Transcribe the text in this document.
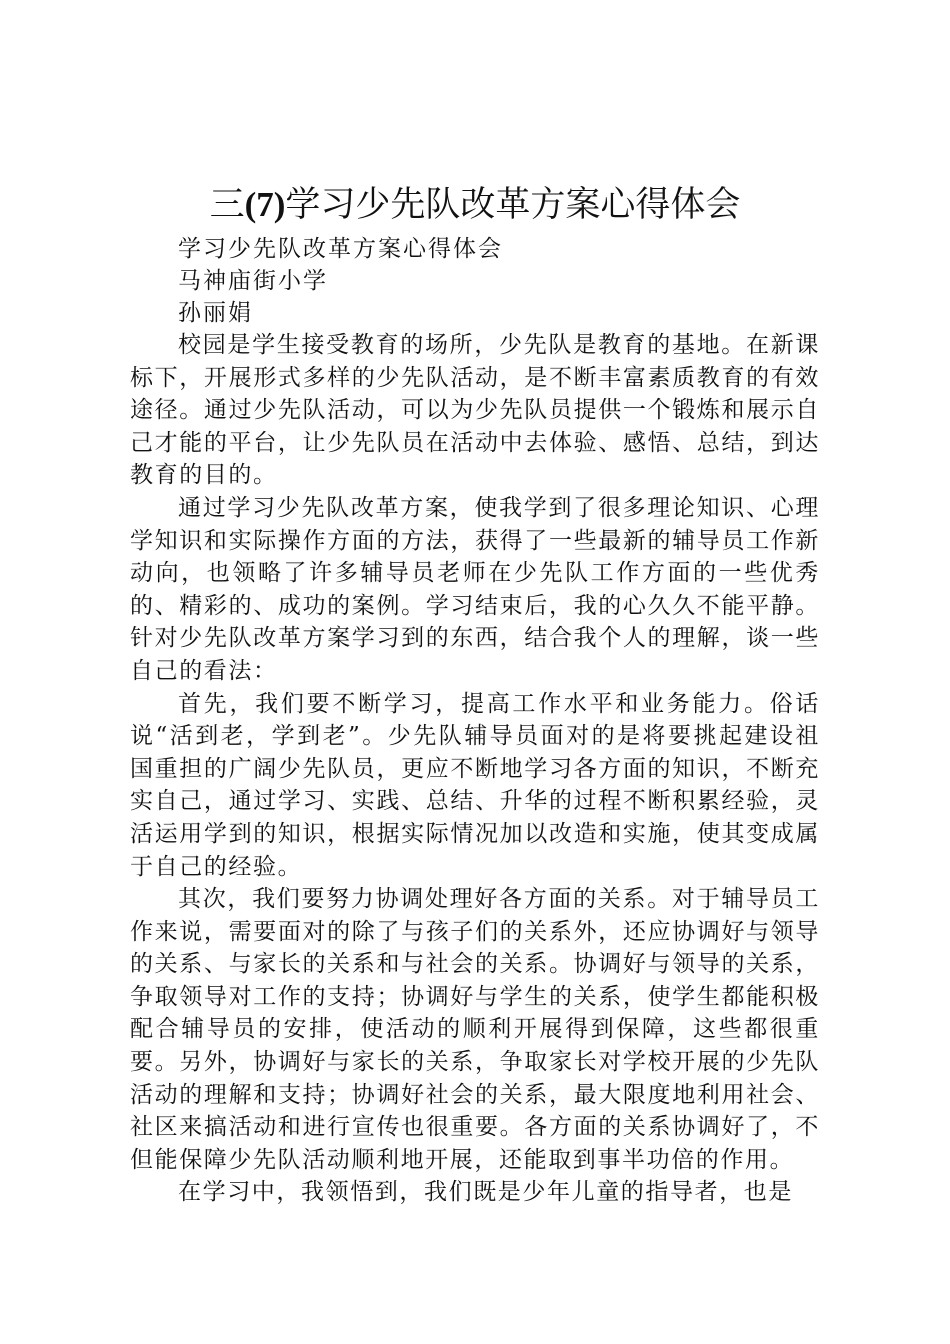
三(7)学习少先队改革方案心得体会

学习少先队改革方案心得体会

马神庙街小学

孙丽娟

校园是学生接受教育的场所，少先队是教育的基地。在新课标下，开展形式多样的少先队活动，是不断丰富素质教育的有效途径。通过少先队活动，可以为少先队员提供一个锻炼和展示自己才能的平台，让少先队员在活动中去体验、感悟、总结，到达教育的目的。

通过学习少先队改革方案，使我学到了很多理论知识、心理学知识和实际操作方面的方法，获得了一些最新的辅导员工作新动向，也领略了许多辅导员老师在少先队工作方面的一些优秀的、精彩的、成功的案例。学习结束后，我的心久久不能平静。针对少先队改革方案学习到的东西，结合我个人的理解，谈一些自己的看法：

首先，我们要不断学习，提高工作水平和业务能力。俗话说“活到老，学到老”。少先队辅导员面对的是将要挑起建设祖国重担的广阔少先队员，更应不断地学习各方面的知识，不断充实自己，通过学习、实践、总结、升华的过程不断积累经验，灵活运用学到的知识，根据实际情况加以改造和实施，使其变成属于自己的经验。

其次，我们要努力协调处理好各方面的关系。对于辅导员工作来说，需要面对的除了与孩子们的关系外，还应协调好与领导的关系、与家长的关系和与社会的关系。协调好与领导的关系，争取领导对工作的支持；协调好与学生的关系，使学生都能积极配合辅导员的安排，使活动的顺利开展得到保障，这些都很重要。另外，协调好与家长的关系，争取家长对学校开展的少先队活动的理解和支持；协调好社会的关系，最大限度地利用社会、社区来搞活动和进行宣传也很重要。各方面的关系协调好了，不但能保障少先队活动顺利地开展，还能取到事半功倍的作用。

在学习中，我领悟到，我们既是少年儿童的指导者，也是
